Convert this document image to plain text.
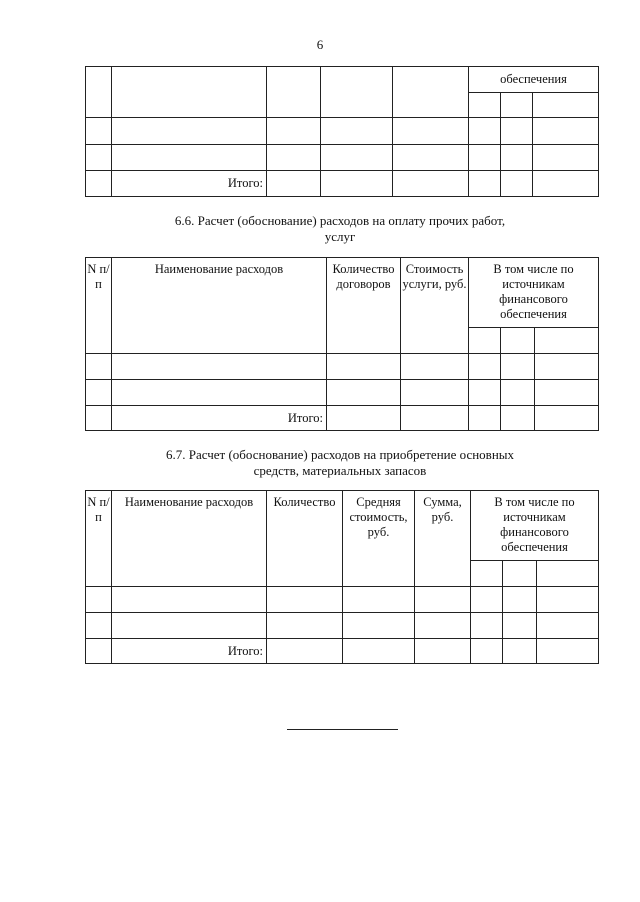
6
					обеспечения		

	Итого:						
6.6. Расчет (обоснование) расходов на оплату прочих работ,
услуг
N п/п	Наименование расходов	Количество договоров	Стоимость услуги, руб.	В том числе по источникам финансового обеспечения		

	Итого:					
6.7. Расчет (обоснование) расходов на приобретение основных
средств, материальных запасов
N п/п	Наименование расходов	Количество	Средняя стоимость, руб.	Сумма, руб.	В том числе по источникам финансового обеспечения		

	Итого:						
